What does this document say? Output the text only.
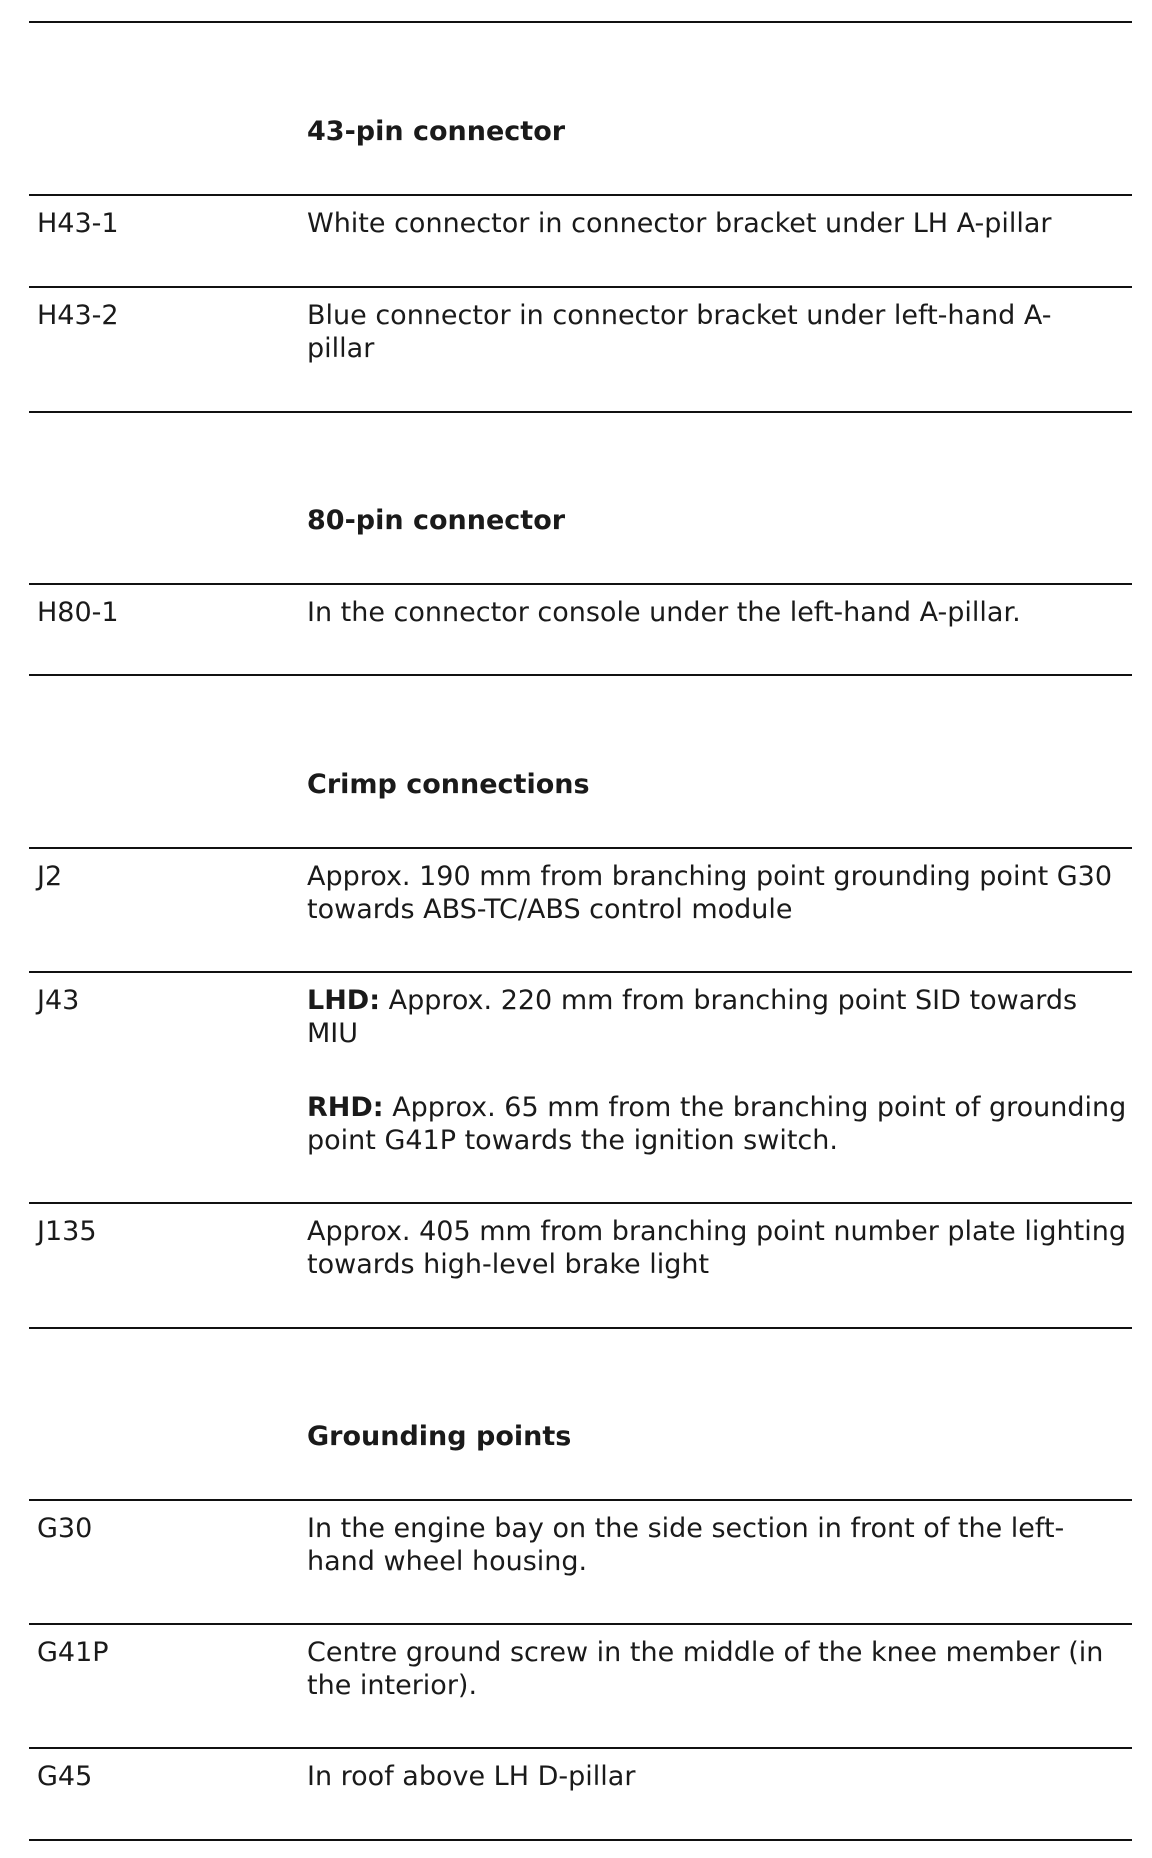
43-pin connector
H43-1	White connector in connector bracket under LH A-pillar
H43-2	Blue connector in connector bracket under left-hand A-pillar
80-pin connector
H80-1	In the connector console under the left-hand A-pillar.
Crimp connections
J2	Approx. 190 mm from branching point grounding point G30 towards ABS-TC/ABS control module
J43	LHD: Approx. 220 mm from branching point SID towards MIU
RHD: Approx. 65 mm from the branching point of grounding point G41P towards the ignition switch.
J135	Approx. 405 mm from branching point number plate lighting towards high-level brake light
Grounding points
G30	In the engine bay on the side section in front of the left-hand wheel housing.
G41P	Centre ground screw in the middle of the knee member (in the interior).
G45	In roof above LH D-pillar
